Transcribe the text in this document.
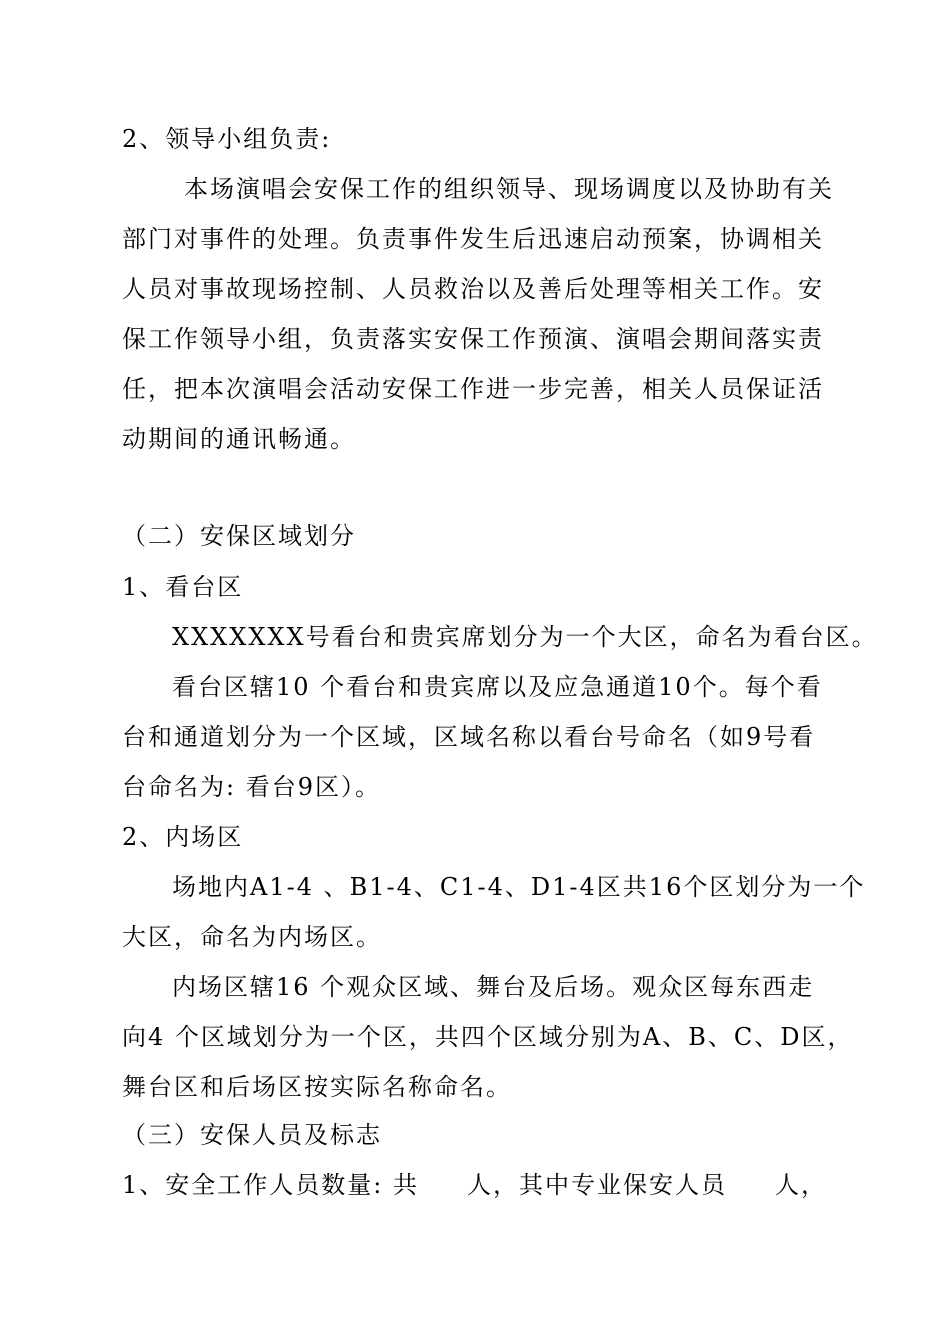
2、领导小组负责:
本场演唱会安保工作的组织领导、现场调度以及协助有关
部门对事件的处理。负责事件发生后迅速启动预案，协调相关
人员对事故现场控制、人员救治以及善后处理等相关工作。安
保工作领导小组，负责落实安保工作预演、演唱会期间落实责
任，把本次演唱会活动安保工作进一步完善，相关人员保证活
动期间的通讯畅通。
（二）安保区域划分
1、看台区
XXXXXXX号看台和贵宾席划分为一个大区，命名为看台区。
看台区辖10 个看台和贵宾席以及应急通道10个。每个看
台和通道划分为一个区域，区域名称以看台号命名（如9号看
台命名为: 看台9区）。
2、内场区
场地内A1-4 、B1-4、C1-4、D1-4区共16个区划分为一个
大区，命名为内场区。
内场区辖16 个观众区域、舞台及后场。观众区每东西走
向4 个区域划分为一个区，共四个区域分别为A、B、C、D区，
舞台区和后场区按实际名称命名。
（三）安保人员及标志
1、安全工作人员数量: 共 人，其中专业保安人员 人，
